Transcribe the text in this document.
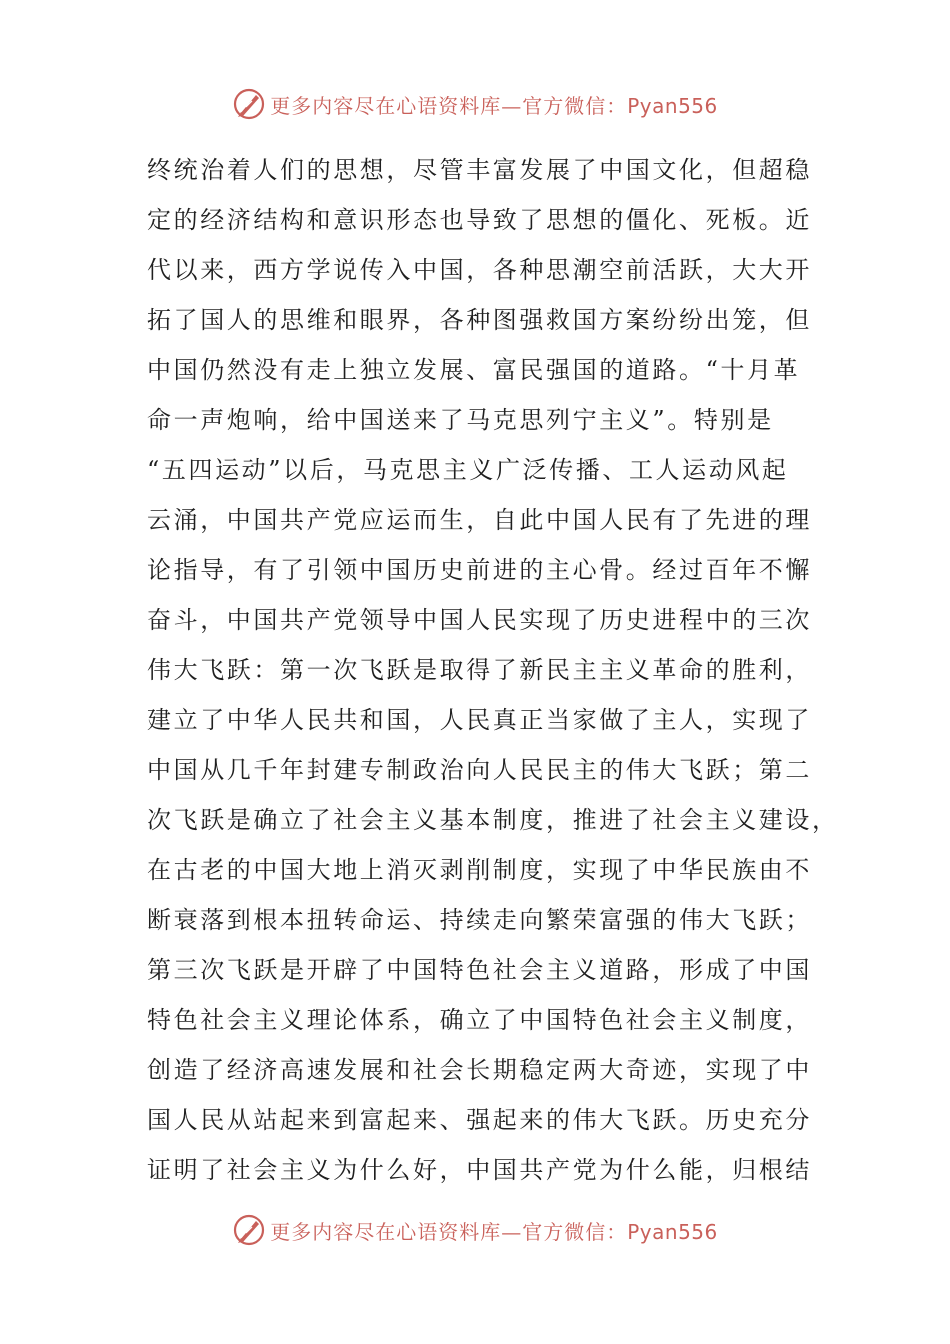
更多内容尽在心语资料库—官方微信：Pyan556
终统治着人们的思想，尽管丰富发展了中国文化，但超稳
定的经济结构和意识形态也导致了思想的僵化、死板。近
代以来，西方学说传入中国，各种思潮空前活跃，大大开
拓了国人的思维和眼界，各种图强救国方案纷纷出笼，但
中国仍然没有走上独立发展、富民强国的道路。“十月革
命一声炮响，给中国送来了马克思列宁主义”。特别是
“五四运动”以后，马克思主义广泛传播、工人运动风起
云涌，中国共产党应运而生，自此中国人民有了先进的理
论指导，有了引领中国历史前进的主心骨。经过百年不懈
奋斗，中国共产党领导中国人民实现了历史进程中的三次
伟大飞跃：第一次飞跃是取得了新民主主义革命的胜利，
建立了中华人民共和国，人民真正当家做了主人，实现了
中国从几千年封建专制政治向人民民主的伟大飞跃；第二
次飞跃是确立了社会主义基本制度，推进了社会主义建设，
在古老的中国大地上消灭剥削制度，实现了中华民族由不
断衰落到根本扭转命运、持续走向繁荣富强的伟大飞跃；
第三次飞跃是开辟了中国特色社会主义道路，形成了中国
特色社会主义理论体系，确立了中国特色社会主义制度，
创造了经济高速发展和社会长期稳定两大奇迹，实现了中
国人民从站起来到富起来、强起来的伟大飞跃。历史充分
证明了社会主义为什么好，中国共产党为什么能，归根结
更多内容尽在心语资料库—官方微信：Pyan556
